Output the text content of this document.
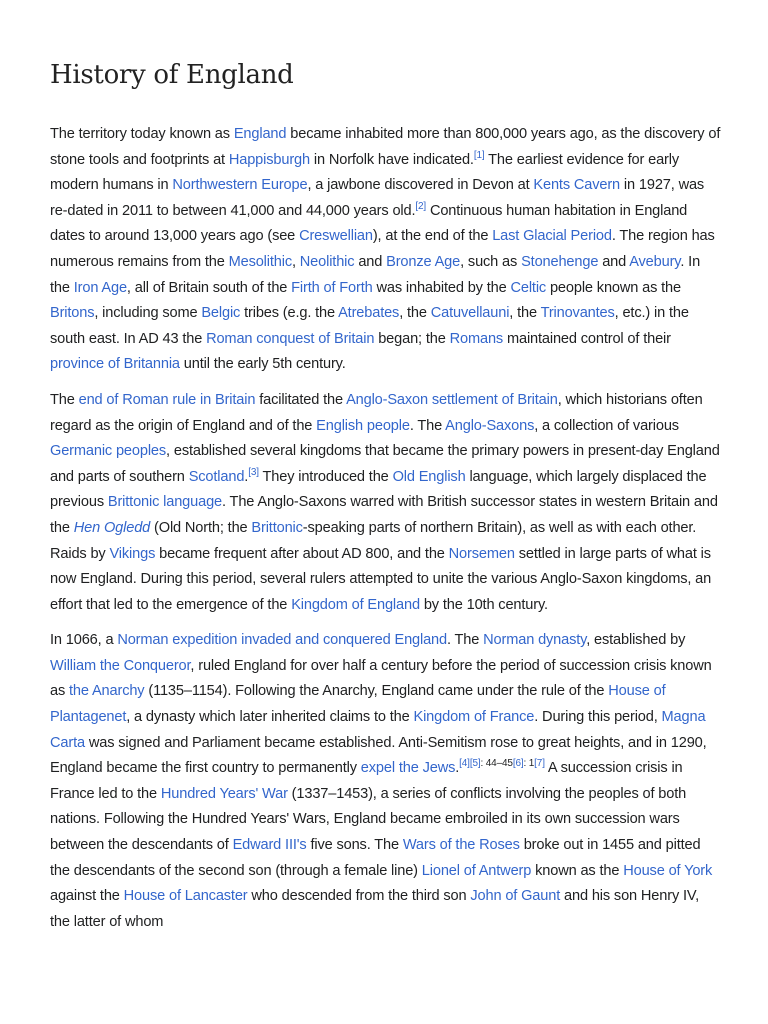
History of England

The territory today known as England became inhabited more than 800,000 years ago, as the discovery of stone tools and footprints at Happisburgh in Norfolk have indicated.[1] The earliest evidence for early modern humans in Northwestern Europe, a jawbone discovered in Devon at Kents Cavern in 1927, was re-dated in 2011 to between 41,000 and 44,000 years old.[2] Continuous human habitation in England dates to around 13,000 years ago (see Creswellian), at the end of the Last Glacial Period. The region has numerous remains from the Mesolithic, Neolithic and Bronze Age, such as Stonehenge and Avebury. In the Iron Age, all of Britain south of the Firth of Forth was inhabited by the Celtic people known as the Britons, including some Belgic tribes (e.g. the Atrebates, the Catuvellauni, the Trinovantes, etc.) in the south east. In AD 43 the Roman conquest of Britain began; the Romans maintained control of their province of Britannia until the early 5th century.

The end of Roman rule in Britain facilitated the Anglo-Saxon settlement of Britain, which historians often regard as the origin of England and of the English people. The Anglo-Saxons, a collection of various Germanic peoples, established several kingdoms that became the primary powers in present-day England and parts of southern Scotland.[3] They introduced the Old English language, which largely displaced the previous Brittonic language. The Anglo-Saxons warred with British successor states in western Britain and the Hen Ogledd (Old North; the Brittonic-speaking parts of northern Britain), as well as with each other. Raids by Vikings became frequent after about AD 800, and the Norsemen settled in large parts of what is now England. During this period, several rulers attempted to unite the various Anglo-Saxon kingdoms, an effort that led to the emergence of the Kingdom of England by the 10th century.

In 1066, a Norman expedition invaded and conquered England. The Norman dynasty, established by William the Conqueror, ruled England for over half a century before the period of succession crisis known as the Anarchy (1135–1154). Following the Anarchy, England came under the rule of the House of Plantagenet, a dynasty which later inherited claims to the Kingdom of France. During this period, Magna Carta was signed and Parliament became established. Anti-Semitism rose to great heights, and in 1290, England became the first country to permanently expel the Jews.[4][5]: 44–45[6]: 1[7] A succession crisis in France led to the Hundred Years' War (1337–1453), a series of conflicts involving the peoples of both nations. Following the Hundred Years' Wars, England became embroiled in its own succession wars between the descendants of Edward III's five sons. The Wars of the Roses broke out in 1455 and pitted the descendants of the second son (through a female line) Lionel of Antwerp known as the House of York against the House of Lancaster who descended from the third son John of Gaunt and his son Henry IV, the latter of whom
